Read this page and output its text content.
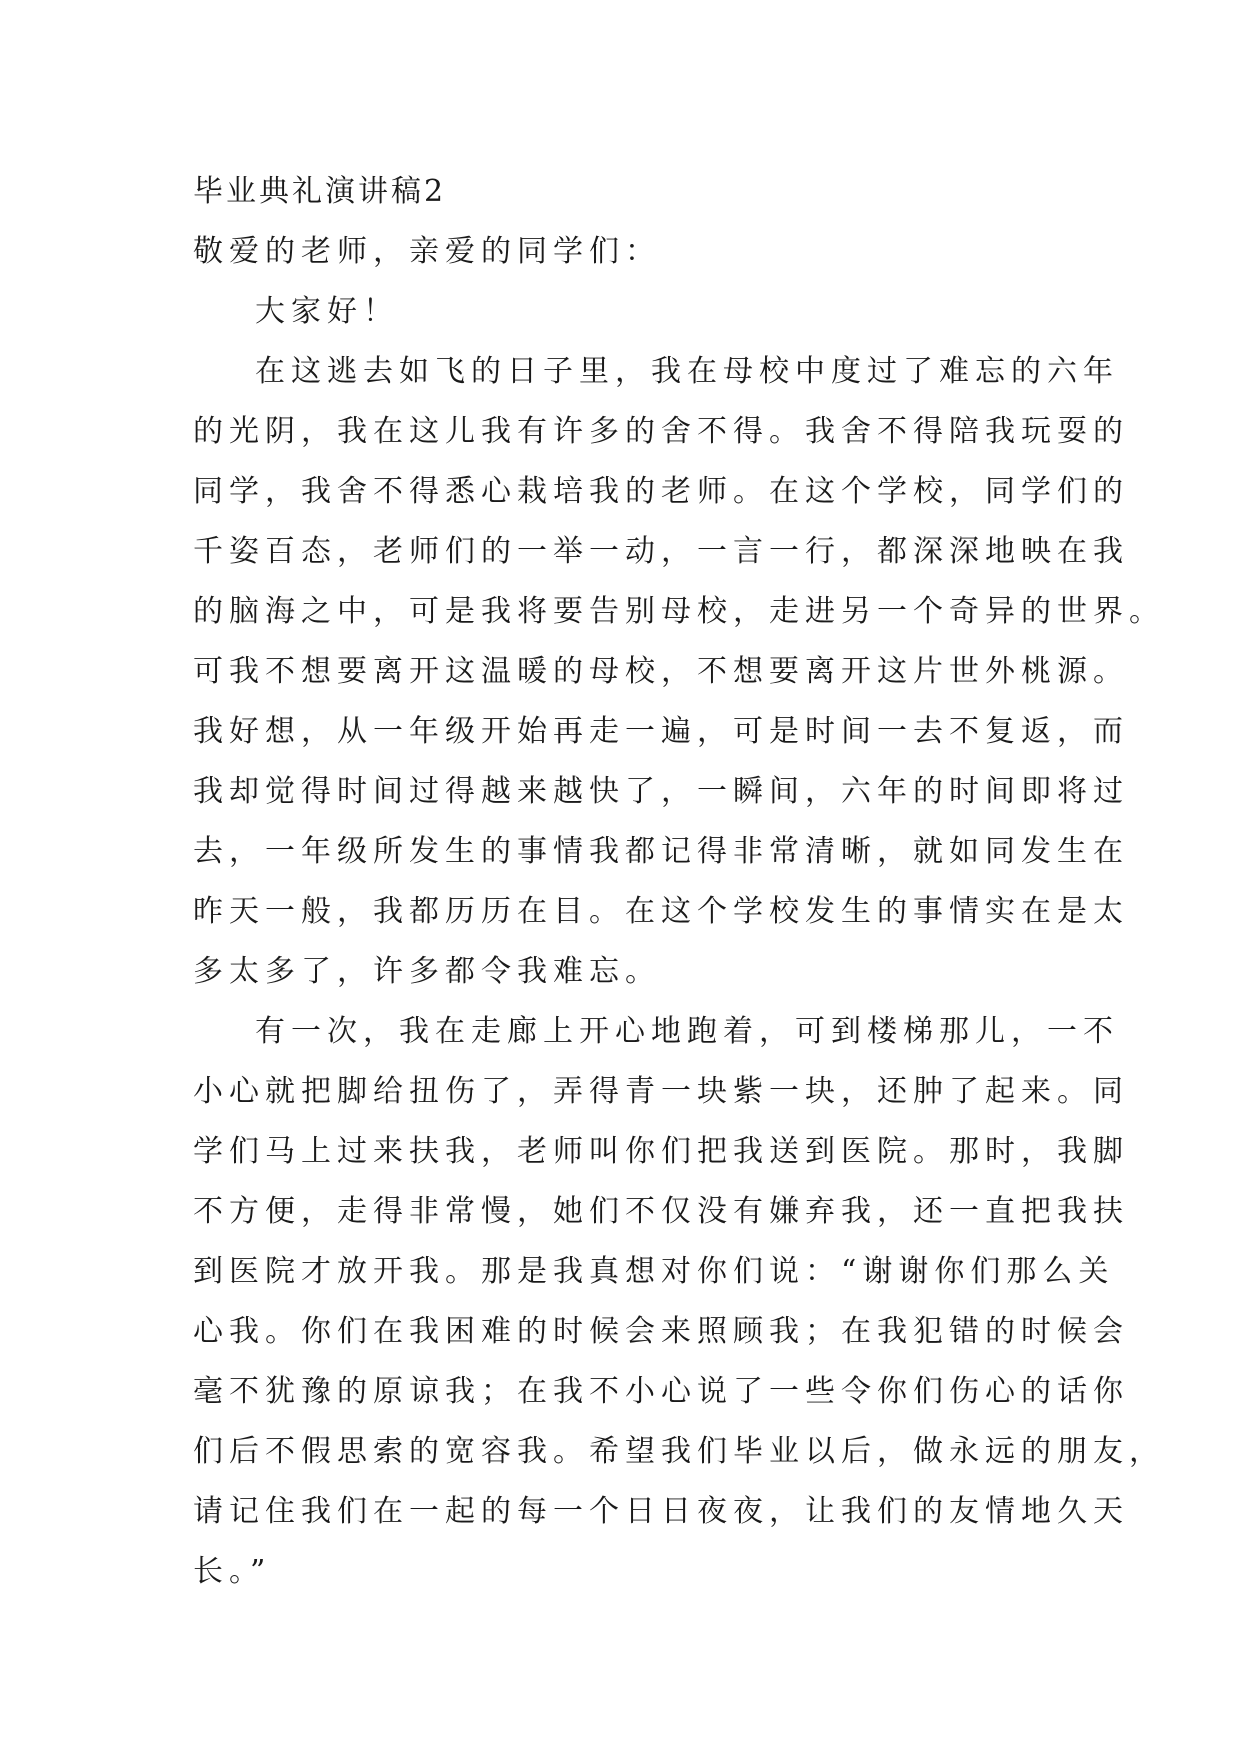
毕业典礼演讲稿2
敬爱的老师，亲爱的同学们：
大家好！
在这逃去如飞的日子里，我在母校中度过了难忘的六年
的光阴，我在这儿我有许多的舍不得。我舍不得陪我玩耍的
同学，我舍不得悉心栽培我的老师。在这个学校，同学们的
千姿百态，老师们的一举一动，一言一行，都深深地映在我
的脑海之中，可是我将要告别母校，走进另一个奇异的世界。
可我不想要离开这温暖的母校，不想要离开这片世外桃源。
我好想，从一年级开始再走一遍，可是时间一去不复返，而
我却觉得时间过得越来越快了，一瞬间，六年的时间即将过
去，一年级所发生的事情我都记得非常清晰，就如同发生在
昨天一般，我都历历在目。在这个学校发生的事情实在是太
多太多了，许多都令我难忘。
有一次，我在走廊上开心地跑着，可到楼梯那儿，一不
小心就把脚给扭伤了，弄得青一块紫一块，还肿了起来。同
学们马上过来扶我，老师叫你们把我送到医院。那时，我脚
不方便，走得非常慢，她们不仅没有嫌弃我，还一直把我扶
到医院才放开我。那是我真想对你们说：“谢谢你们那么关
心我。你们在我困难的时候会来照顾我；在我犯错的时候会
毫不犹豫的原谅我；在我不小心说了一些令你们伤心的话你
们后不假思索的宽容我。希望我们毕业以后，做永远的朋友，
请记住我们在一起的每一个日日夜夜，让我们的友情地久天
长。”
